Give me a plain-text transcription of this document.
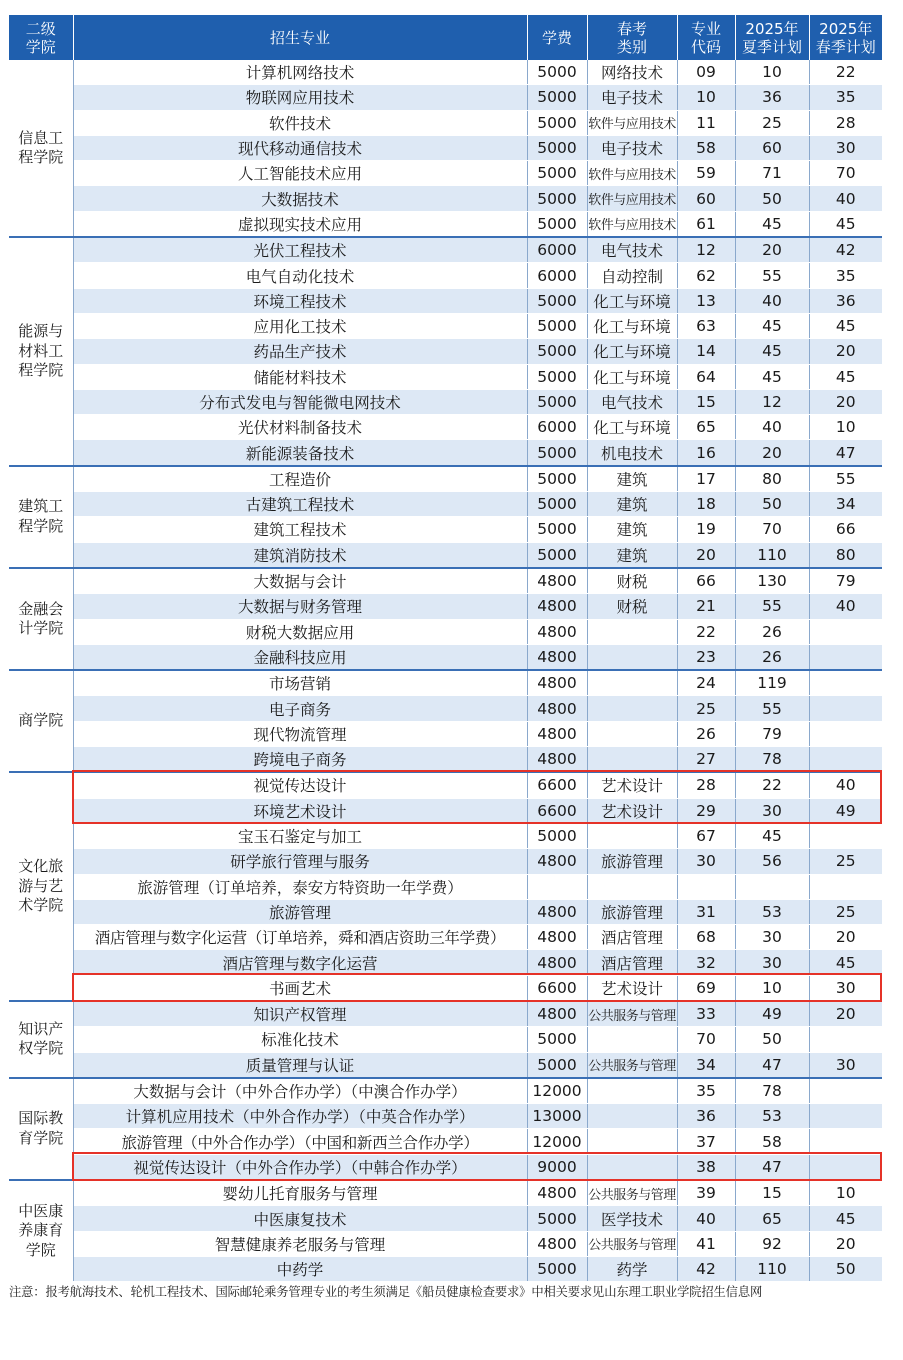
二级学院	招生专业	学费	春考类别	专业代码	2025年夏季计划	2025年春季计划

信息工程学院	计算机网络技术	5000	网络技术	09	10	22
	物联网应用技术	5000	电子技术	10	36	35
	软件技术	5000	软件与应用技术	11	25	28
	现代移动通信技术	5000	电子技术	58	60	30
	人工智能技术应用	5000	软件与应用技术	59	71	70
	大数据技术	5000	软件与应用技术	60	50	40
	虚拟现实技术应用	5000	软件与应用技术	61	45	45

能源与材料工程学院	光伏工程技术	6000	电气技术	12	20	42
	电气自动化技术	6000	自动控制	62	55	35
	环境工程技术	5000	化工与环境	13	40	36
	应用化工技术	5000	化工与环境	63	45	45
	药品生产技术	5000	化工与环境	14	45	20
	储能材料技术	5000	化工与环境	64	45	45
	分布式发电与智能微电网技术	5000	电气技术	15	12	20
	光伏材料制备技术	6000	化工与环境	65	40	10
	新能源装备技术	5000	机电技术	16	20	47

建筑工程学院	工程造价	5000	建筑	17	80	55
	古建筑工程技术	5000	建筑	18	50	34
	建筑工程技术	5000	建筑	19	70	66
	建筑消防技术	5000	建筑	20	110	80

金融会计学院	大数据与会计	4800	财税	66	130	79
	大数据与财务管理	4800	财税	21	55	40
	财税大数据应用	4800		22	26	
	金融科技应用	4800		23	26	

商学院	市场营销	4800		24	119	
	电子商务	4800		25	55	
	现代物流管理	4800		26	79	
	跨境电子商务	4800		27	78	

文化旅游与艺术学院	视觉传达设计	6600	艺术设计	28	22	40
	环境艺术设计	6600	艺术设计	29	30	49
	宝玉石鉴定与加工	5000		67	45	
	研学旅行管理与服务	4800	旅游管理	30	56	25
	旅游管理（订单培养，泰安方特资助一年学费）					
	旅游管理	4800	旅游管理	31	53	25
	酒店管理与数字化运营（订单培养，舜和酒店资助三年学费）	4800	酒店管理	68	30	20
	酒店管理与数字化运营	4800	酒店管理	32	30	45
	书画艺术	6600	艺术设计	69	10	30

知识产权学院	知识产权管理	4800	公共服务与管理	33	49	20
	标准化技术	5000		70	50	
	质量管理与认证	5000	公共服务与管理	34	47	30

国际教育学院	大数据与会计（中外合作办学）（中澳合作办学）	12000		35	78	
	计算机应用技术（中外合作办学）（中英合作办学）	13000		36	53	
	旅游管理（中外合作办学）（中国和新西兰合作办学）	12000		37	58	
	视觉传达设计（中外合作办学）（中韩合作办学）	9000		38	47	

中医康养康育学院	婴幼儿托育服务与管理	4800	公共服务与管理	39	15	10
	中医康复技术	5000	医学技术	40	65	45
	智慧健康养老服务与管理	4800	公共服务与管理	41	92	20
	中药学	5000	药学	42	110	50
注意：报考航海技术、轮机工程技术、国际邮轮乘务管理专业的考生须满足《船员健康检查要求》中相关要求见山东理工职业学院招生信息网
